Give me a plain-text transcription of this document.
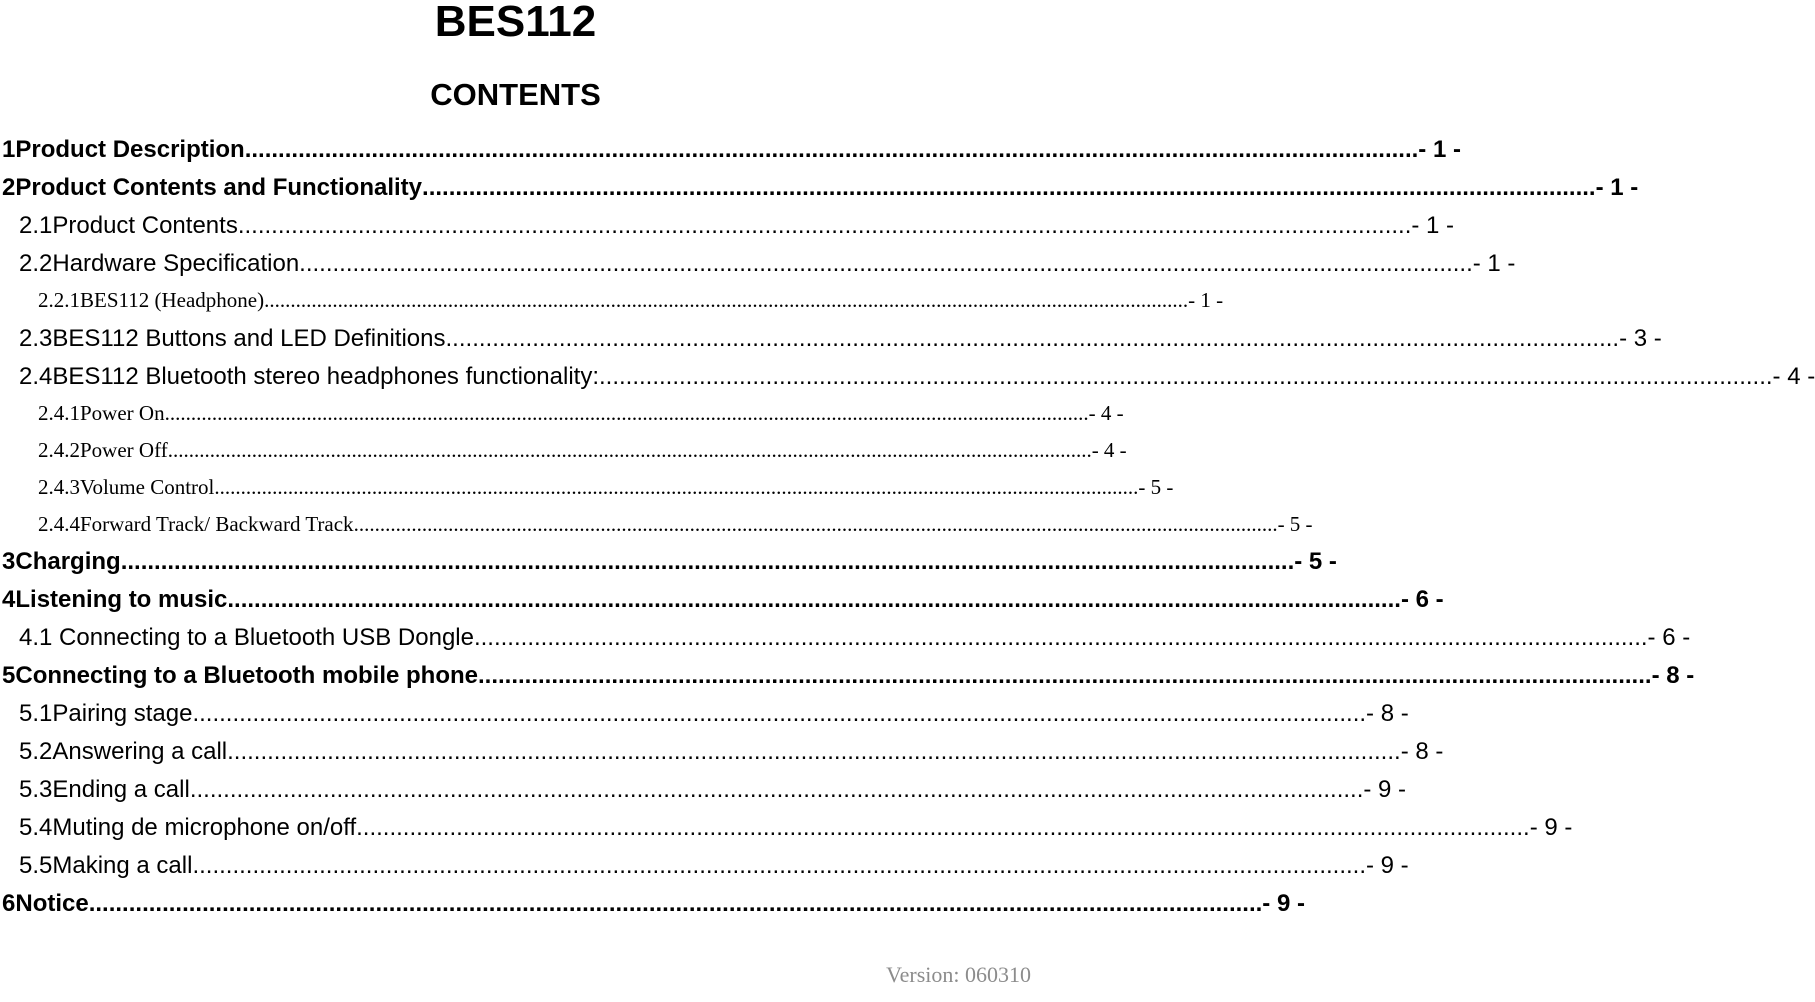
BES112
CONTENTS
1 Product Description ................................................................................................................................................................................ - 1 -
2 Product Contents and Functionality ................................................................................................................................................................................ - 1 -
2.1 Product Contents ................................................................................................................................................................................ - 1 -
2.2 Hardware Specification ................................................................................................................................................................................ - 1 -
2.2.1 BES112 (Headphone) ................................................................................................................................................................................ - 1 -
2.3 BES112 Buttons and LED Definitions ................................................................................................................................................................................ - 3 -
2.4 BES112 Bluetooth stereo headphones functionality: ................................................................................................................................................................................ - 4 -
2.4.1 Power On ................................................................................................................................................................................ - 4 -
2.4.2 Power Off ................................................................................................................................................................................ - 4 -
2.4.3 Volume Control ................................................................................................................................................................................ - 5 -
2.4.4 Forward Track/ Backward Track ................................................................................................................................................................................ - 5 -
3 Charging ................................................................................................................................................................................ - 5 -
4 Listening to music ................................................................................................................................................................................ - 6 -
4.1 Connecting to a Bluetooth USB Dongle ................................................................................................................................................................................ - 6 -
5 Connecting to a Bluetooth mobile phone ................................................................................................................................................................................ - 8 -
5.1 Pairing stage ................................................................................................................................................................................ - 8 -
5.2 Answering a call ................................................................................................................................................................................ - 8 -
5.3 Ending a call ................................................................................................................................................................................ - 9 -
5.4 Muting de microphone on/off ................................................................................................................................................................................ - 9 -
5.5 Making a call ................................................................................................................................................................................ - 9 -
6 Notice ................................................................................................................................................................................ - 9 -
Version: 060310
